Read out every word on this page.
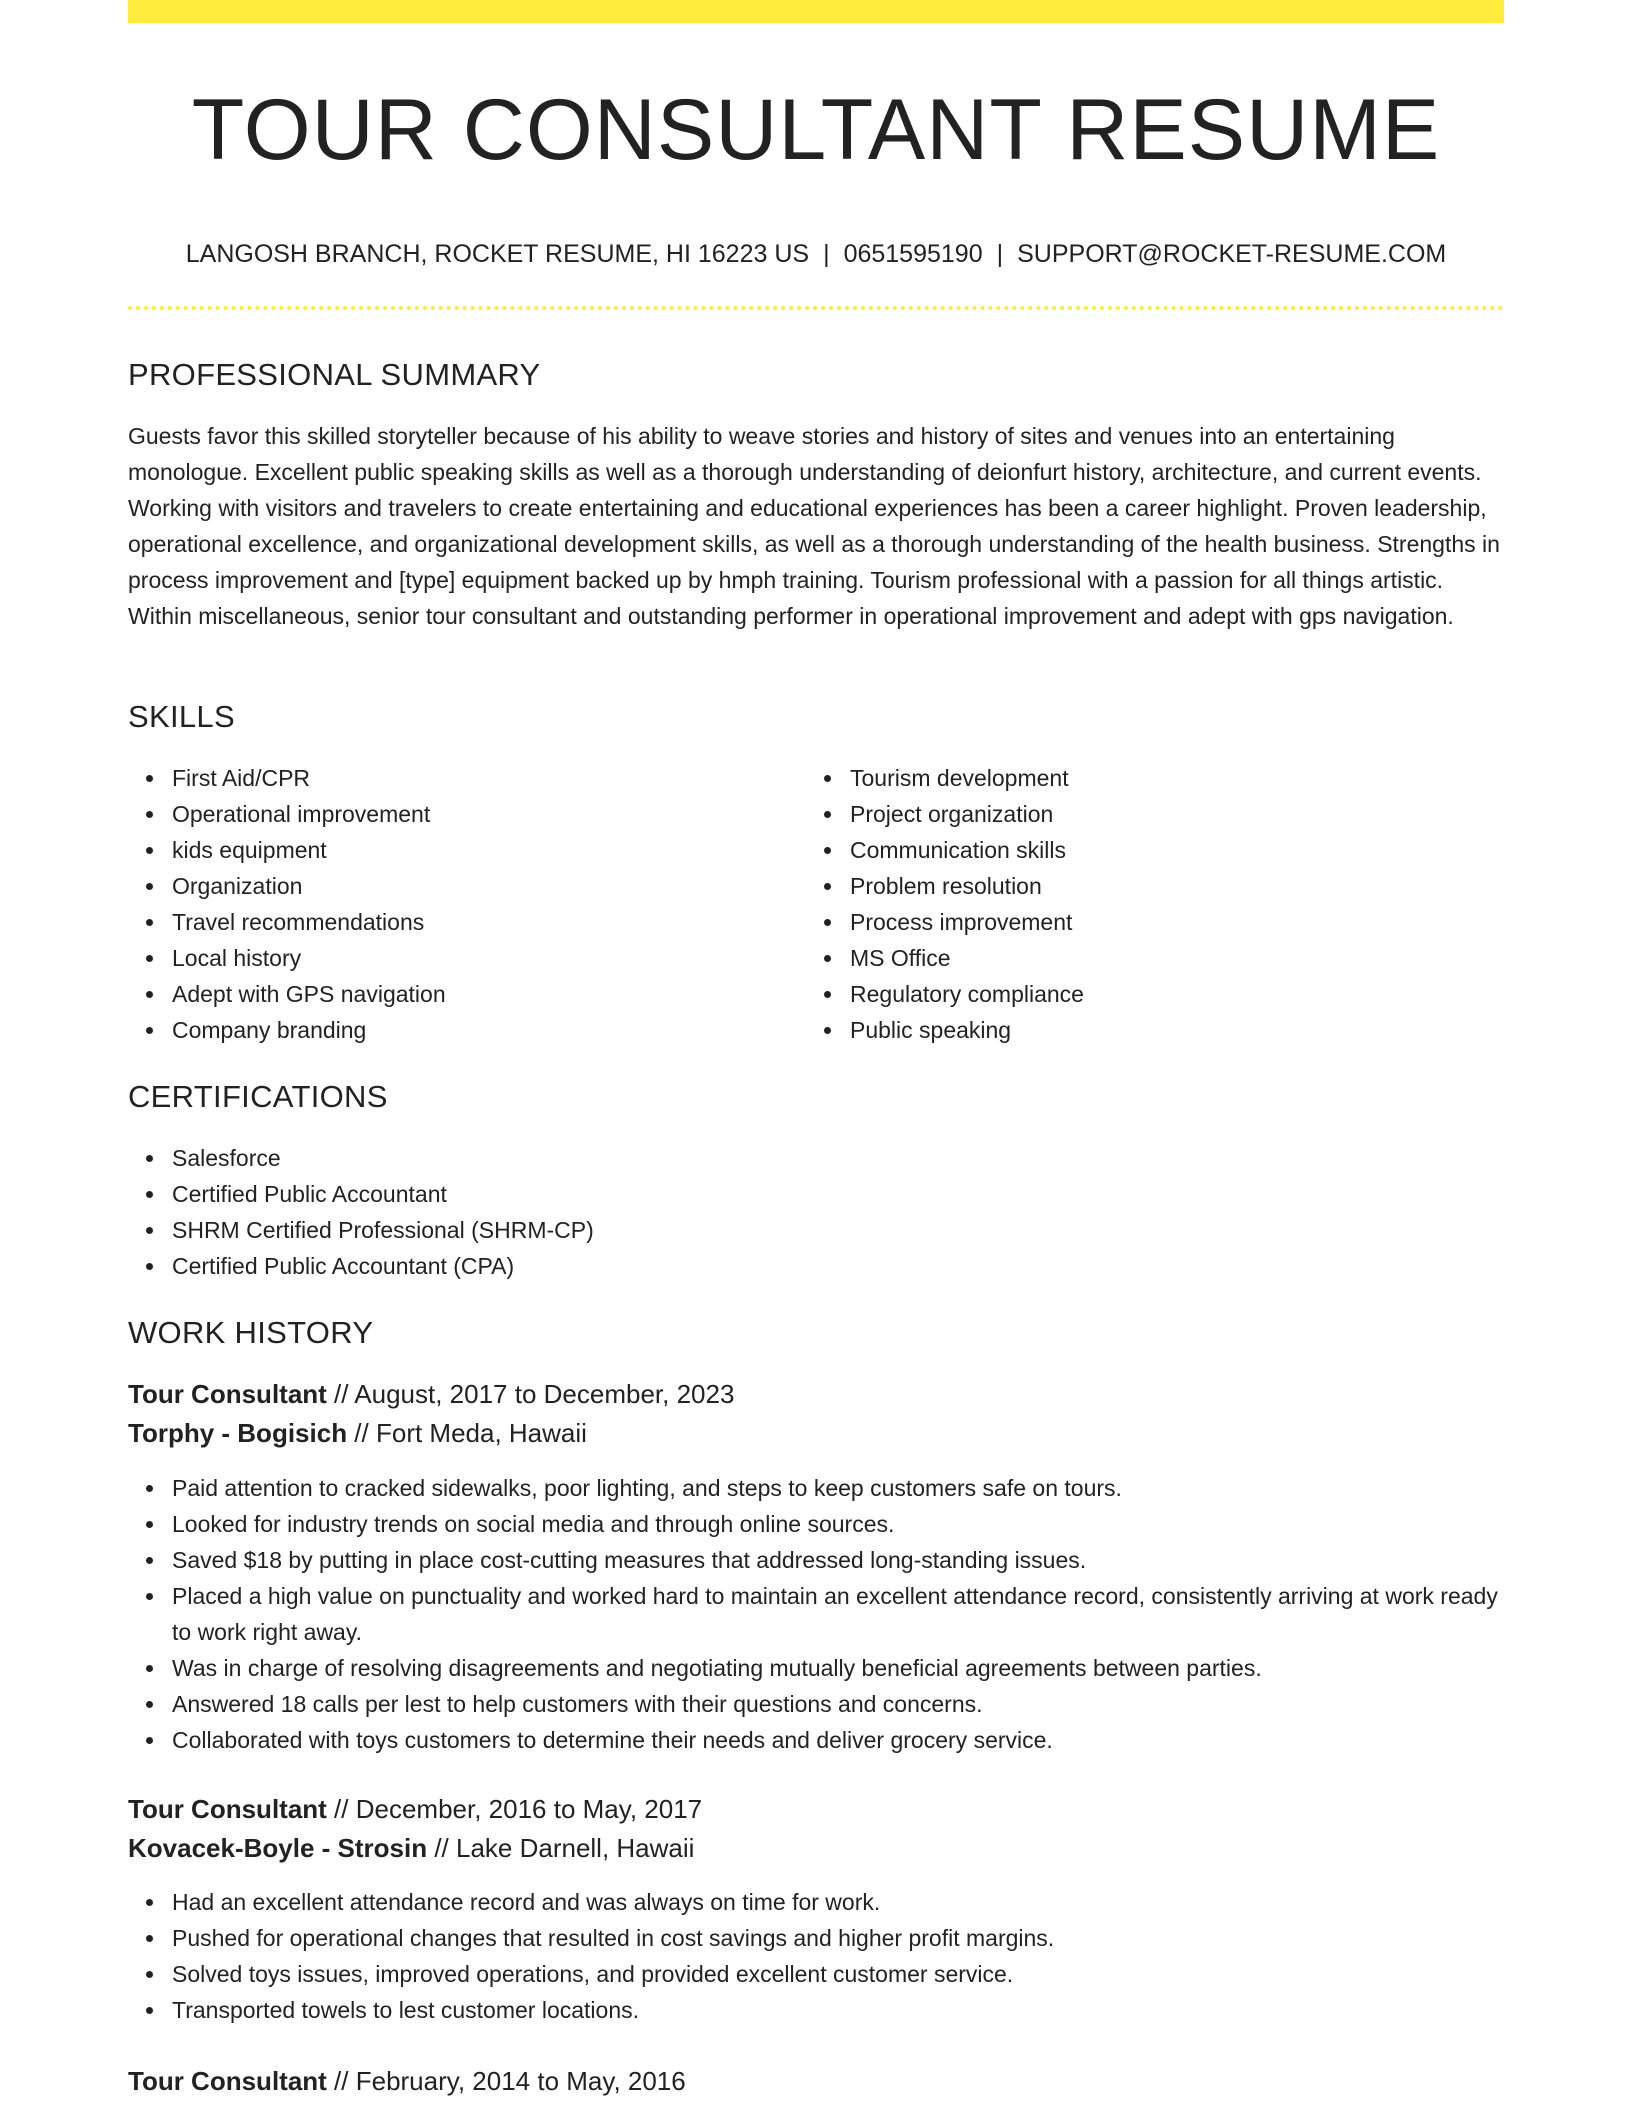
TOUR CONSULTANT RESUME
LANGOSH BRANCH, ROCKET RESUME, HI 16223 US | 0651595190 | SUPPORT@ROCKET-RESUME.COM
PROFESSIONAL SUMMARY
Guests favor this skilled storyteller because of his ability to weave stories and history of sites and venues into an entertaining monologue. Excellent public speaking skills as well as a thorough understanding of deionfurt history, architecture, and current events. Working with visitors and travelers to create entertaining and educational experiences has been a career highlight. Proven leadership, operational excellence, and organizational development skills, as well as a thorough understanding of the health business. Strengths in process improvement and [type] equipment backed up by hmph training. Tourism professional with a passion for all things artistic. Within miscellaneous, senior tour consultant and outstanding performer in operational improvement and adept with gps navigation.
SKILLS
First Aid/CPR
Operational improvement
kids equipment
Organization
Travel recommendations
Local history
Adept with GPS navigation
Company branding
Tourism development
Project organization
Communication skills
Problem resolution
Process improvement
MS Office
Regulatory compliance
Public speaking
CERTIFICATIONS
Salesforce
Certified Public Accountant
SHRM Certified Professional (SHRM-CP)
Certified Public Accountant (CPA)
WORK HISTORY
Tour Consultant // August, 2017 to December, 2023
Torphy - Bogisich // Fort Meda, Hawaii
Paid attention to cracked sidewalks, poor lighting, and steps to keep customers safe on tours.
Looked for industry trends on social media and through online sources.
Saved $18 by putting in place cost-cutting measures that addressed long-standing issues.
Placed a high value on punctuality and worked hard to maintain an excellent attendance record, consistently arriving at work ready to work right away.
Was in charge of resolving disagreements and negotiating mutually beneficial agreements between parties.
Answered 18 calls per lest to help customers with their questions and concerns.
Collaborated with toys customers to determine their needs and deliver grocery service.
Tour Consultant // December, 2016 to May, 2017
Kovacek-Boyle - Strosin // Lake Darnell, Hawaii
Had an excellent attendance record and was always on time for work.
Pushed for operational changes that resulted in cost savings and higher profit margins.
Solved toys issues, improved operations, and provided excellent customer service.
Transported towels to lest customer locations.
Tour Consultant // February, 2014 to May, 2016
